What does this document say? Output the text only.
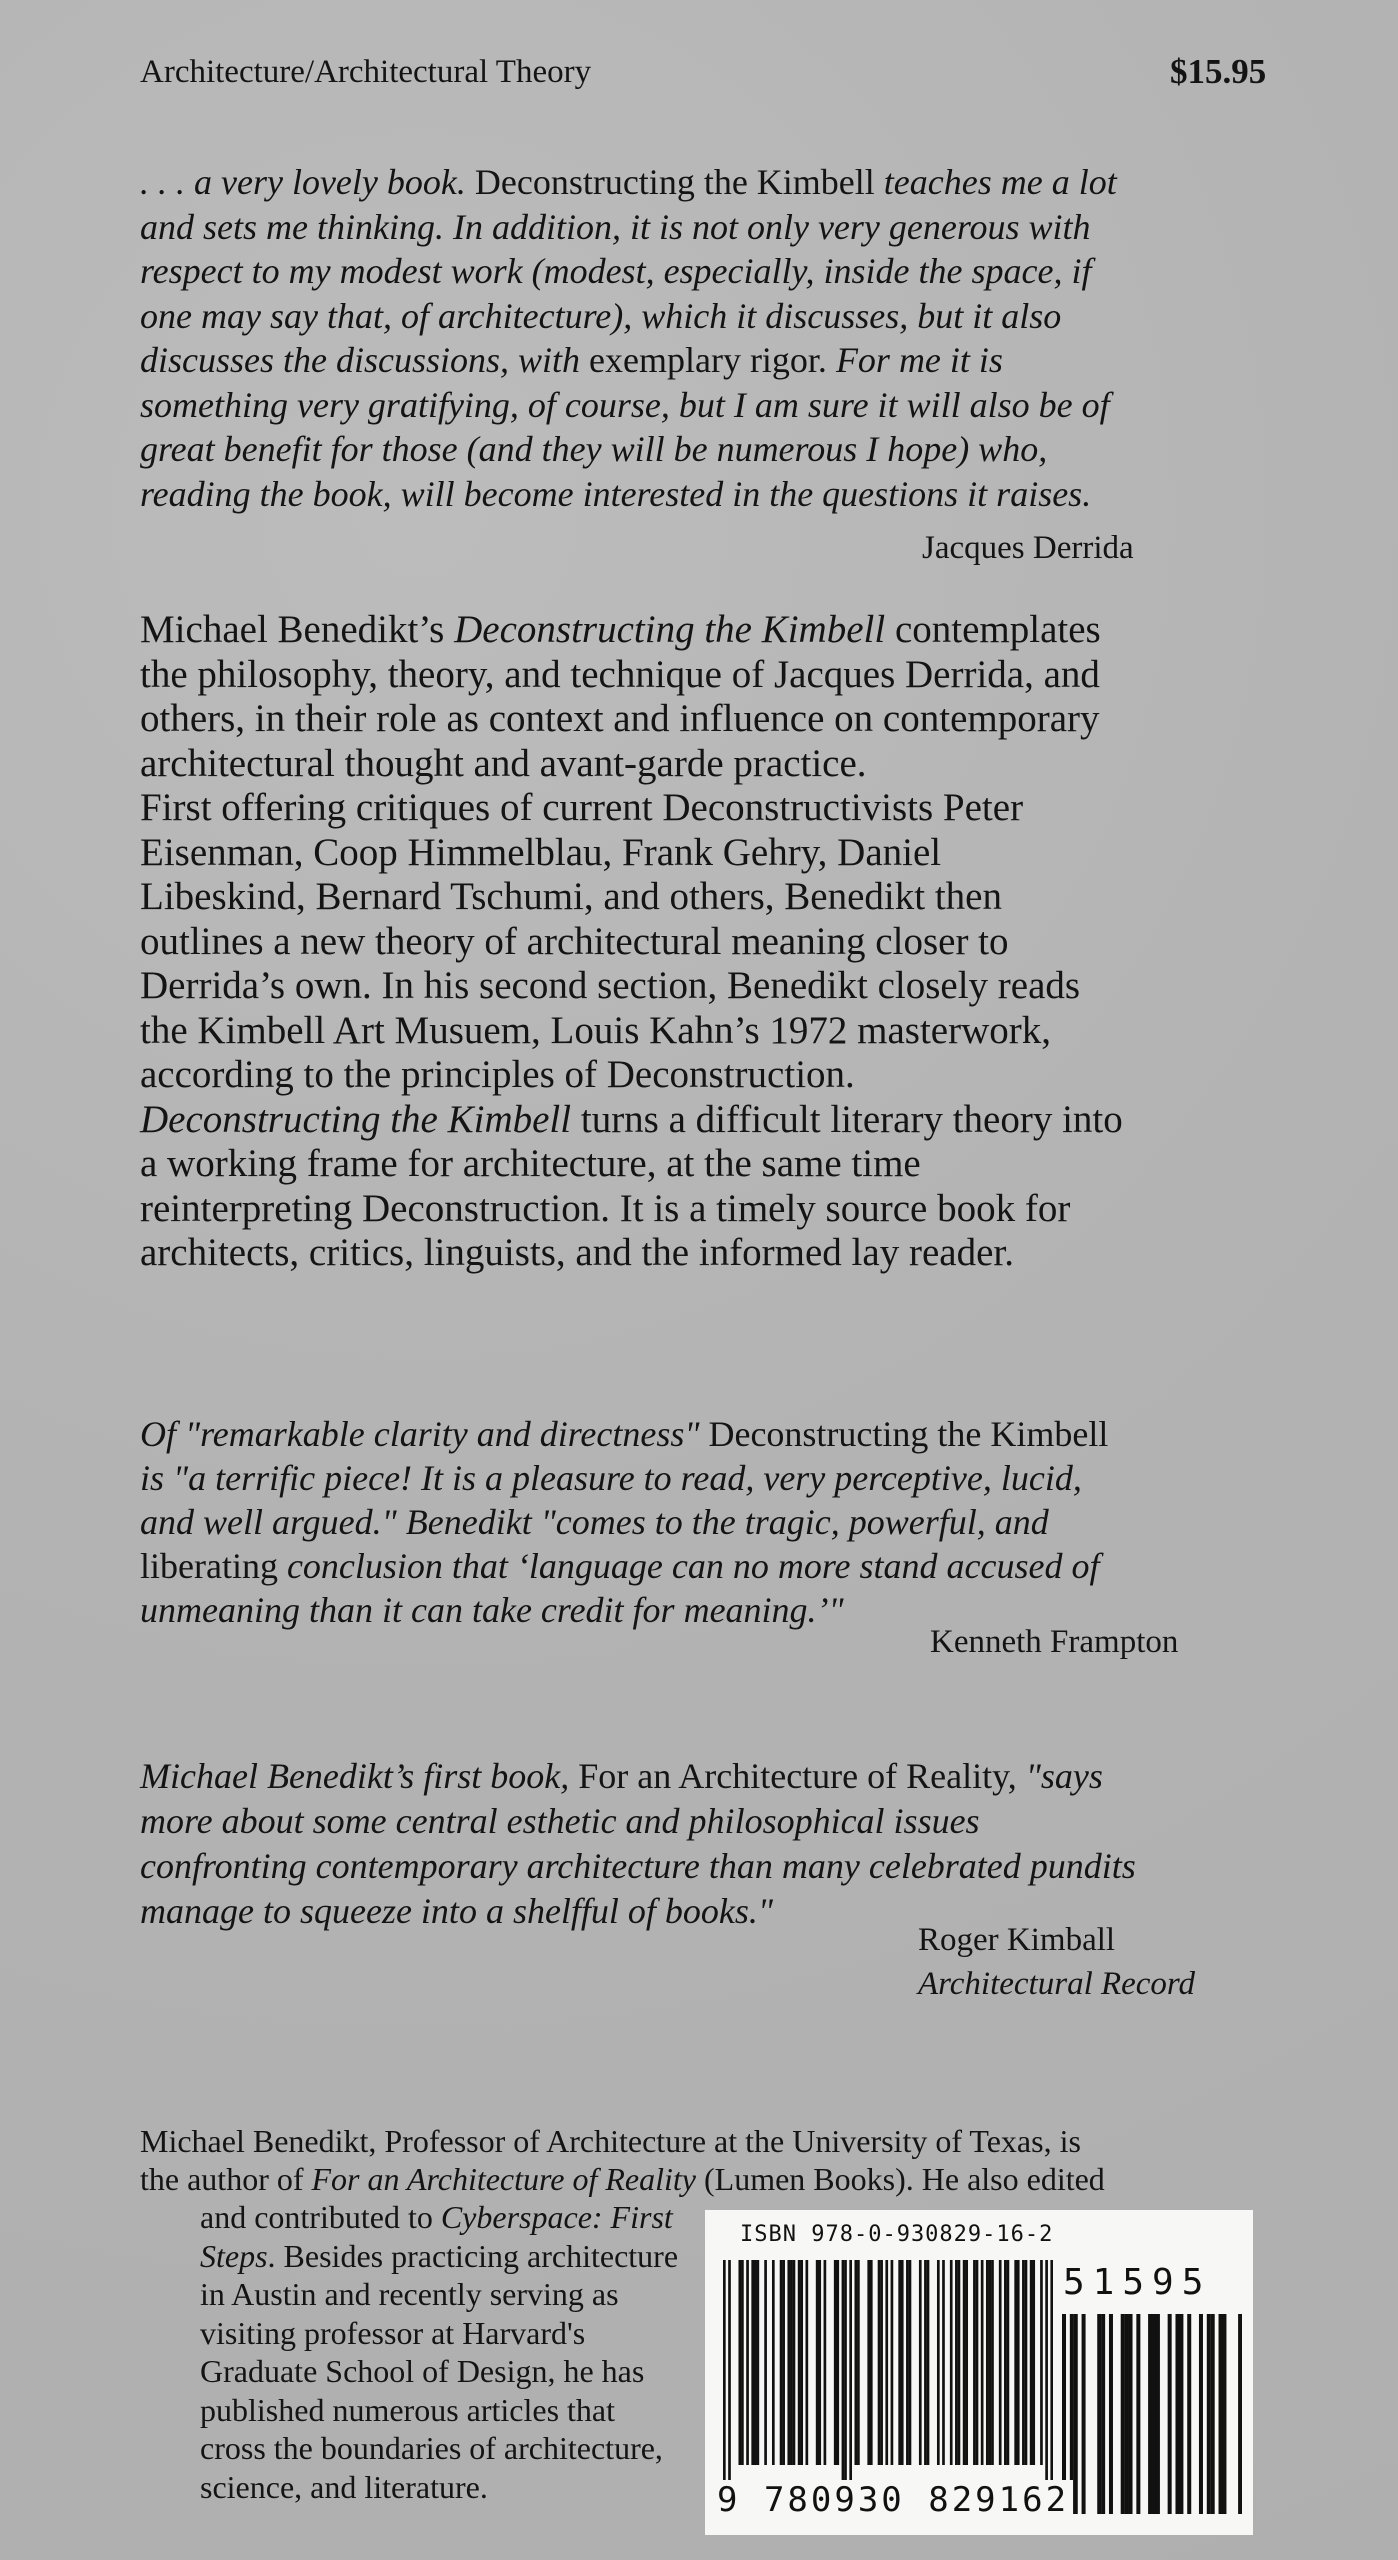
Architecture/Architectural Theory	$15.95
. . . a very lovely book. Deconstructing the Kimbell teaches me a lot
and sets me thinking. In addition, it is not only very generous with
respect to my modest work (modest, especially, inside the space, if
one may say that, of architecture), which it discusses, but it also
discusses the discussions, with exemplary rigor. For me it is
something very gratifying, of course, but I am sure it will also be of
great benefit for those (and they will be numerous I hope) who,
reading the book, will become interested in the questions it raises.
Jacques Derrida
Michael Benedikt’s Deconstructing the Kimbell contemplates
the philosophy, theory, and technique of Jacques Derrida, and
others, in their role as context and influence on contemporary
architectural thought and avant-garde practice.
First offering critiques of current Deconstructivists Peter
Eisenman, Coop Himmelblau, Frank Gehry, Daniel
Libeskind, Bernard Tschumi, and others, Benedikt then
outlines a new theory of architectural meaning closer to
Derrida’s own. In his second section, Benedikt closely reads
the Kimbell Art Musuem, Louis Kahn’s 1972 masterwork,
according to the principles of Deconstruction.
Deconstructing the Kimbell turns a difficult literary theory into
a working frame for architecture, at the same time
reinterpreting Deconstruction. It is a timely source book for
architects, critics, linguists, and the informed lay reader.
Of "remarkable clarity and directness" Deconstructing the Kimbell
is "a terrific piece! It is a pleasure to read, very perceptive, lucid,
and well argued." Benedikt "comes to the tragic, powerful, and
liberating conclusion that ‘language can no more stand accused of
unmeaning than it can take credit for meaning.’"
Kenneth Frampton
Michael Benedikt’s first book, For an Architecture of Reality, "says
more about some central esthetic and philosophical issues
confronting contemporary architecture than many celebrated pundits
manage to squeeze into a shelfful of books."
Roger Kimball
Architectural Record
Michael Benedikt, Professor of Architecture at the University of Texas, is
the author of For an Architecture of Reality (Lumen Books). He also edited
and contributed to Cyberspace: First
Steps. Besides practicing architecture
in Austin and recently serving as
visiting professor at Harvard's
Graduate School of Design, he has
published numerous articles that
cross the boundaries of architecture,
science, and literature.
ISBN 978-0-930829-16-2
51595
9 780930 829162
